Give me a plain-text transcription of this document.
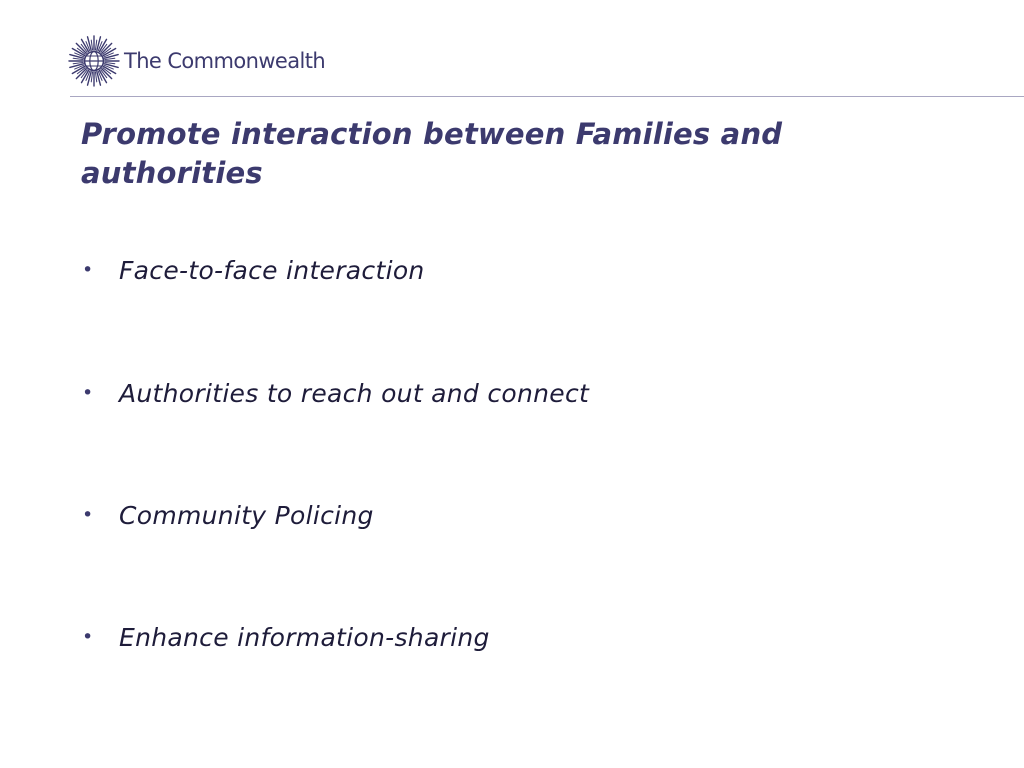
The Commonwealth
Promote interaction between Families and authorities
•	Face-to-face interaction
•	Authorities to reach out and connect
•	Community Policing
•	Enhance information-sharing
